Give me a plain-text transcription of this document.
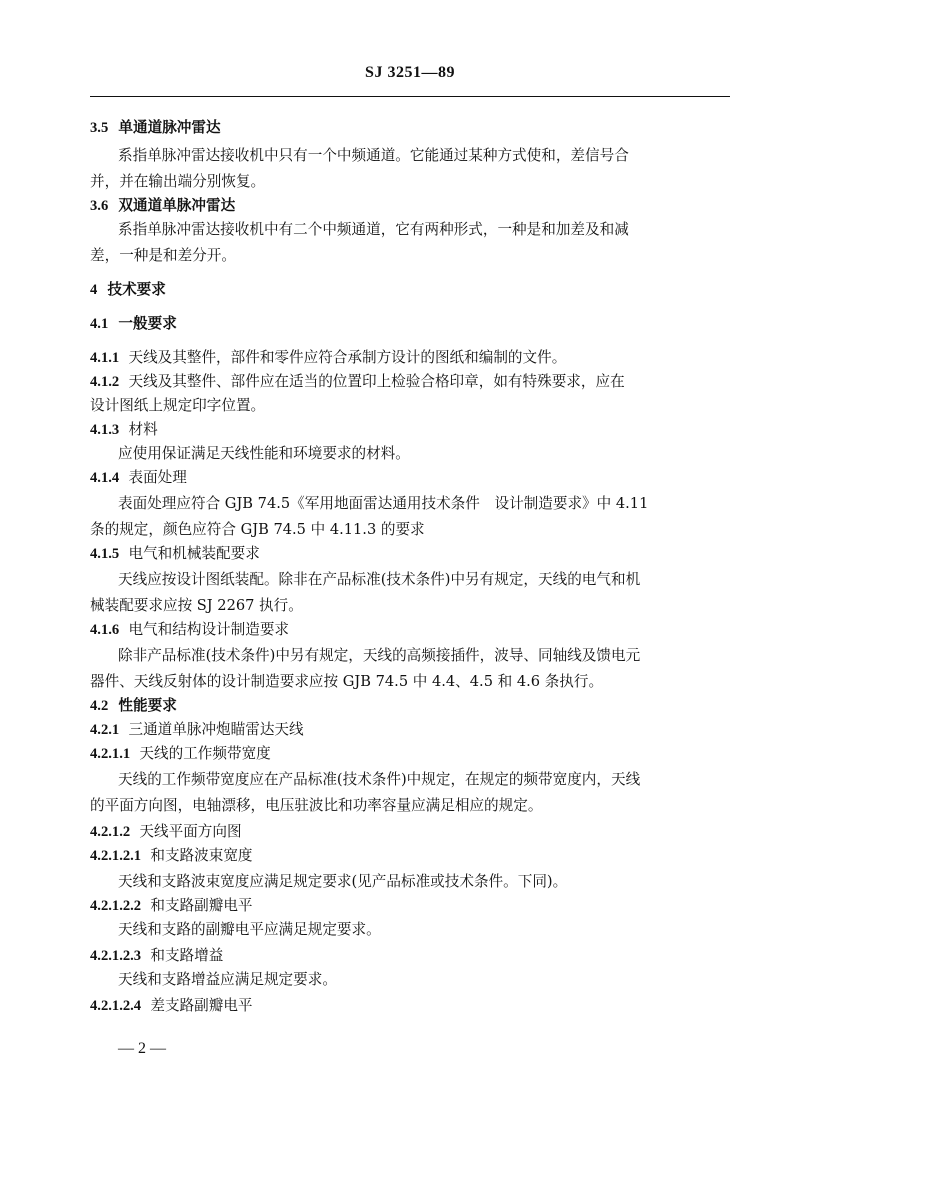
SJ 3251—89
3.5 单通道脉冲雷达
系指单脉冲雷达接收机中只有一个中频通道。它能通过某种方式使和，差信号合
并，并在输出端分别恢复。
3.6 双通道单脉冲雷达
系指单脉冲雷达接收机中有二个中频通道，它有两种形式，一种是和加差及和减
差，一种是和差分开。
4 技术要求
4.1 一般要求
4.1.1 天线及其整件，部件和零件应符合承制方设计的图纸和编制的文件。
4.1.2 天线及其整件、部件应在适当的位置印上检验合格印章，如有特殊要求，应在
设计图纸上规定印字位置。
4.1.3 材料
应使用保证满足天线性能和环境要求的材料。
4.1.4 表面处理
表面处理应符合 GJB 74.5《军用地面雷达通用技术条件　设计制造要求》中 4.11
条的规定，颜色应符合 GJB 74.5 中 4.11.3 的要求
4.1.5 电气和机械装配要求
天线应按设计图纸装配。除非在产品标准(技术条件)中另有规定，天线的电气和机
械装配要求应按 SJ 2267 执行。
4.1.6 电气和结构设计制造要求
除非产品标准(技术条件)中另有规定，天线的高频接插件，波导、同轴线及馈电元
器件、天线反射体的设计制造要求应按 GJB 74.5 中 4.4、4.5 和 4.6 条执行。
4.2 性能要求
4.2.1 三通道单脉冲炮瞄雷达天线
4.2.1.1 天线的工作频带宽度
天线的工作频带宽度应在产品标准(技术条件)中规定，在规定的频带宽度内，天线
的平面方向图，电轴漂移，电压驻波比和功率容量应满足相应的规定。
4.2.1.2 天线平面方向图
4.2.1.2.1 和支路波束宽度
天线和支路波束宽度应满足规定要求(见产品标准或技术条件。下同)。
4.2.1.2.2 和支路副瓣电平
天线和支路的副瓣电平应满足规定要求。
4.2.1.2.3 和支路增益
天线和支路增益应满足规定要求。
4.2.1.2.4 差支路副瓣电平
— 2 —
